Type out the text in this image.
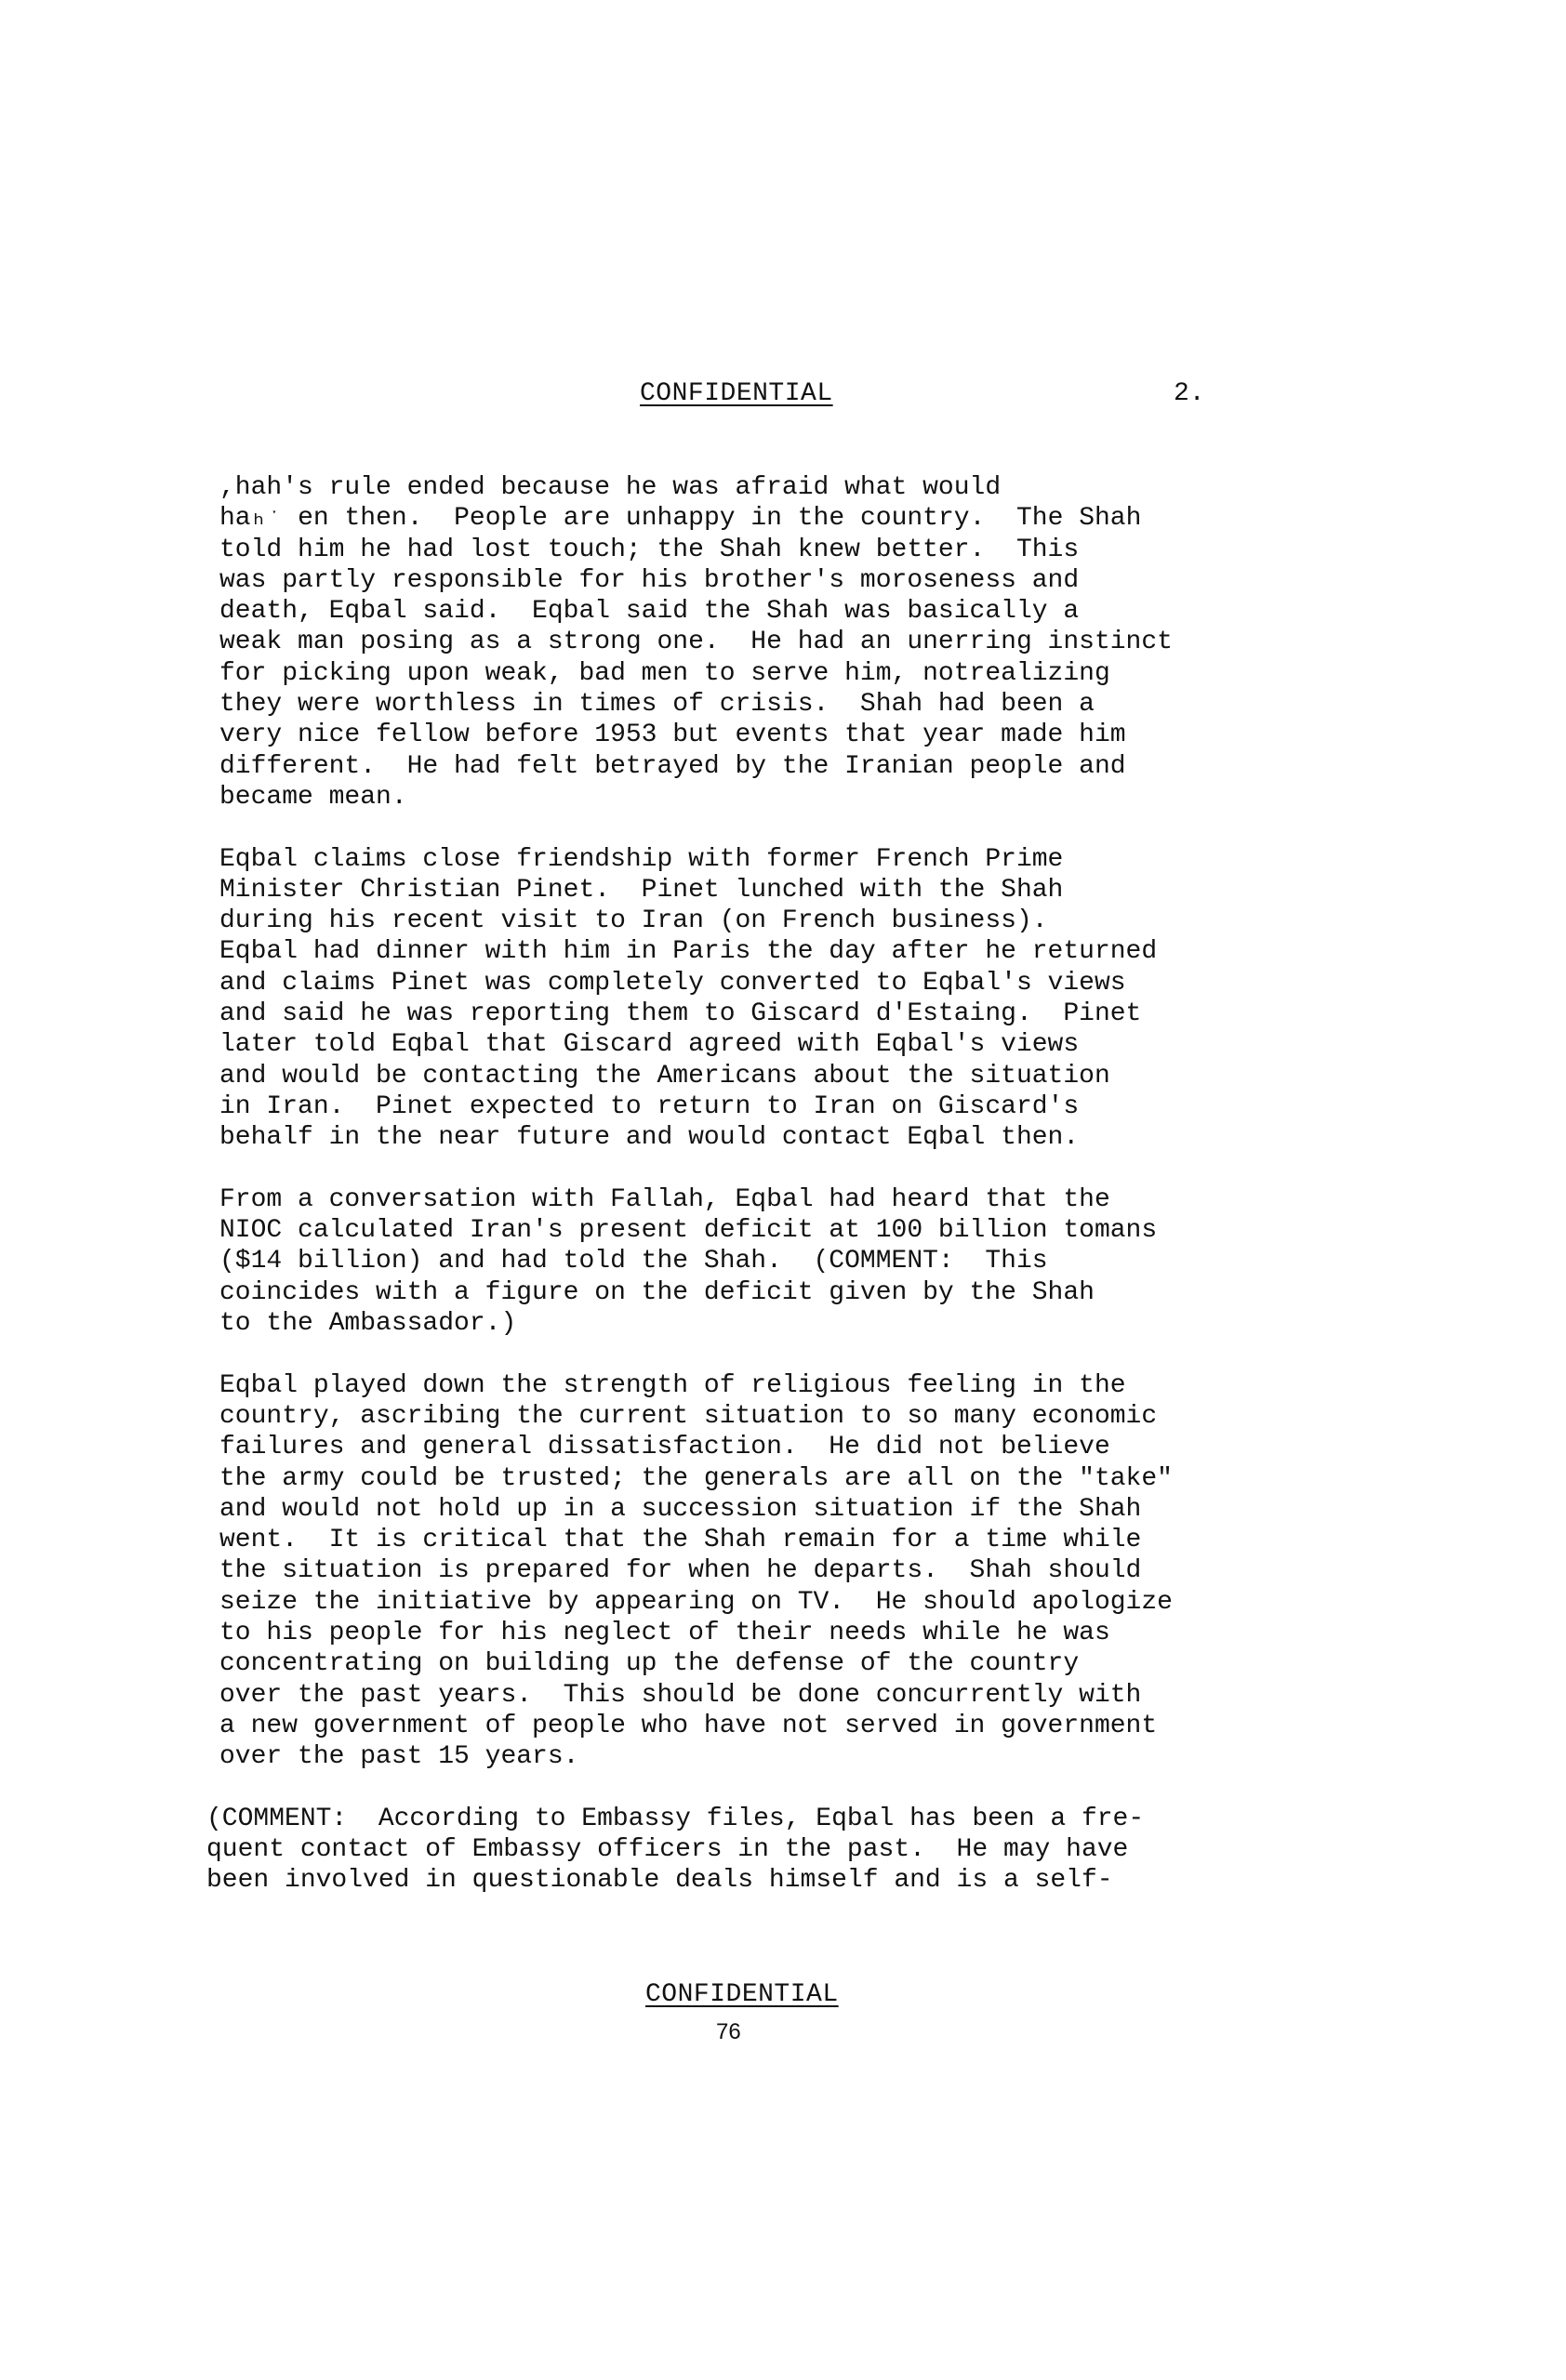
CONFIDENTIAL	2.

,hah's rule ended because he was afraid what would
haₕˑ en then.  People are unhappy in the country.  The Shah
told him he had lost touch; the Shah knew better.  This
was partly responsible for his brother's moroseness and
death, Eqbal said.  Eqbal said the Shah was basically a
weak man posing as a strong one.  He had an unerring instinct
for picking upon weak, bad men to serve him, notrealizing
they were worthless in times of crisis.  Shah had been a
very nice fellow before 1953 but events that year made him
different.  He had felt betrayed by the Iranian people and
became mean.

Eqbal claims close friendship with former French Prime
Minister Christian Pinet.  Pinet lunched with the Shah
during his recent visit to Iran (on French business).
Eqbal had dinner with him in Paris the day after he returned
and claims Pinet was completely converted to Eqbal's views
and said he was reporting them to Giscard d'Estaing.  Pinet
later told Eqbal that Giscard agreed with Eqbal's views
and would be contacting the Americans about the situation
in Iran.  Pinet expected to return to Iran on Giscard's
behalf in the near future and would contact Eqbal then.

From a conversation with Fallah, Eqbal had heard that the
NIOC calculated Iran's present deficit at 100 billion tomans
($14 billion) and had told the Shah.  (COMMENT:  This
coincides with a figure on the deficit given by the Shah
to the Ambassador.)

Eqbal played down the strength of religious feeling in the
country, ascribing the current situation to so many economic
failures and general dissatisfaction.  He did not believe
the army could be trusted; the generals are all on the "take"
and would not hold up in a succession situation if the Shah
went.  It is critical that the Shah remain for a time while
the situation is prepared for when he departs.  Shah should
seize the initiative by appearing on TV.  He should apologize
to his people for his neglect of their needs while he was
concentrating on building up the defense of the country
over the past years.  This should be done concurrently with
a new government of people who have not served in government
over the past 15 years.

(COMMENT:  According to Embassy files, Eqbal has been a fre-
quent contact of Embassy officers in the past.  He may have
been involved in questionable deals himself and is a self-

CONFIDENTIAL
76
